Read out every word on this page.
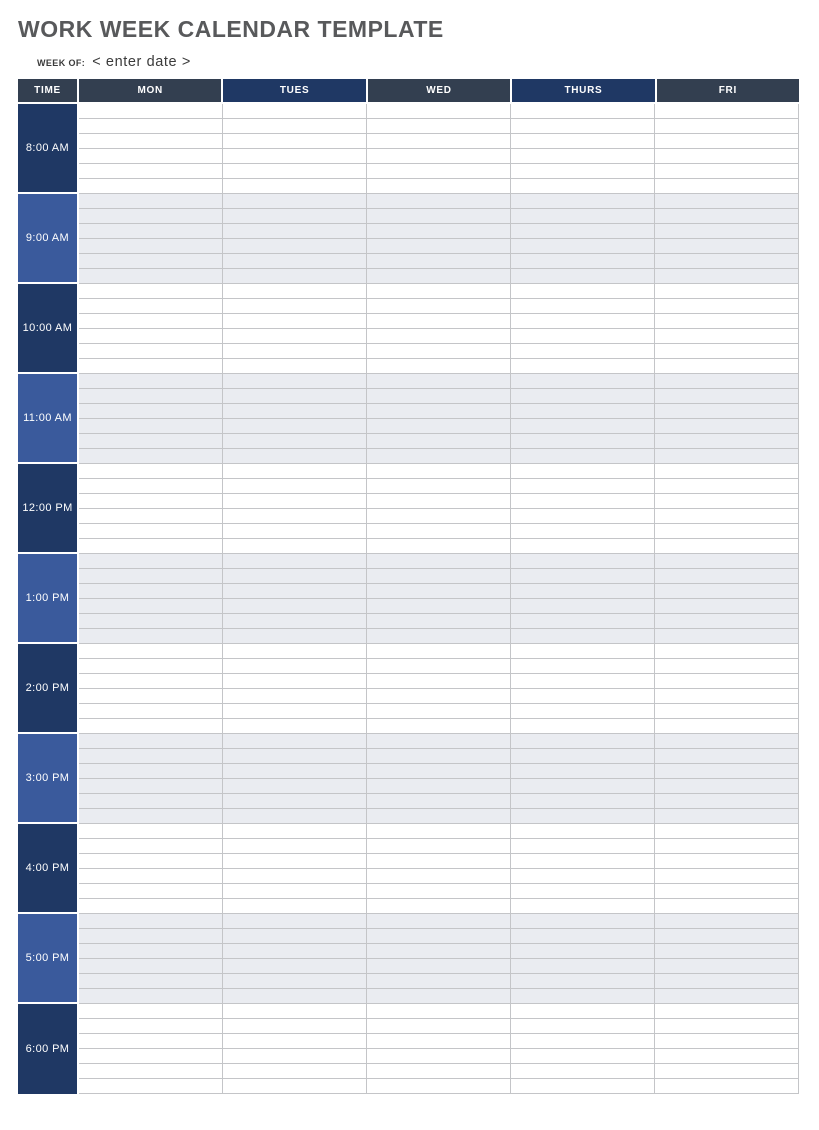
WORK WEEK CALENDAR TEMPLATE
WEEK OF: < enter date >
TIME	MON	TUES	WED	THURS	FRI
8:00 AM
9:00 AM
10:00 AM
11:00 AM
12:00 PM
1:00 PM
2:00 PM
3:00 PM
4:00 PM
5:00 PM
6:00 PM
